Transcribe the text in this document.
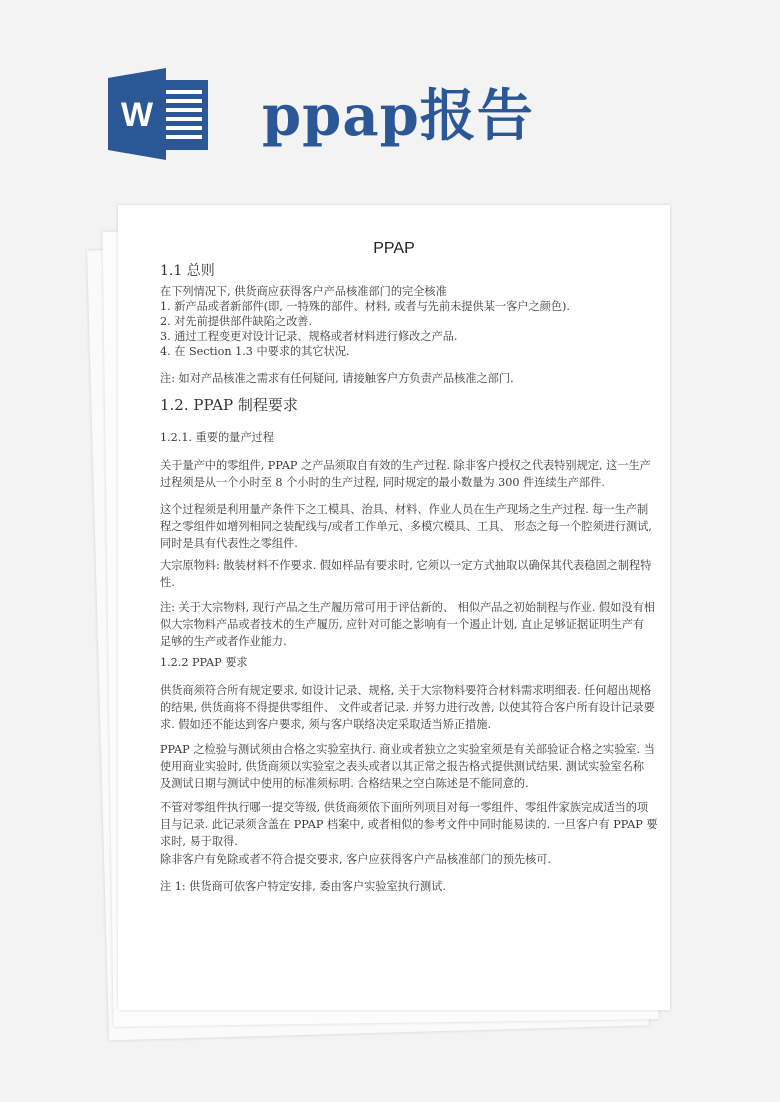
W ppap报告
PPAP
1.1 总则
在下列情况下, 供货商应获得客户产品核准部门的完全核准
1. 新产品或者新部件(即, 一特殊的部件、材料, 或者与先前未提供某一客户之颜色).
2. 对先前提供部件缺陷之改善.
3. 通过工程变更对设计记录、规格或者材料进行修改之产品.
4. 在 Section 1.3 中要求的其它状况.
注: 如对产品核准之需求有任何疑问, 请接触客户方负责产品核准之部门.
1.2. PPAP 制程要求
1.2.1. 重要的量产过程
关于量产中的零组件, PPAP 之产品须取自有效的生产过程. 除非客户授权之代表特别规定, 这一生产
过程须是从一个小时至 8 个小时的生产过程, 同时规定的最小数量为 300 件连续生产部件.
这个过程须是利用量产条件下之工模具、治具、材料、作业人员在生产现场之生产过程. 每一生产制
程之零组件如增列相同之装配线与/或者工作单元、多模穴模具、工具、 形态之每一个腔须进行测试,
同时是具有代表性之零组件.
大宗原物料: 散装材料不作要求. 假如样品有要求时, 它须以一定方式抽取以确保其代表稳固之制程特
性.
注: 关于大宗物料, 现行产品之生产履历常可用于评估新的、 相似产品之初始制程与作业. 假如没有相
似大宗物料产品或者技术的生产履历, 应针对可能之影响有一个遏止计划, 直止足够证据证明生产有
足够的生产或者作业能力.
1.2.2 PPAP 要求
供货商须符合所有规定要求, 如设计记录、规格, 关于大宗物料要符合材料需求明细表. 任何超出规格
的结果, 供货商将不得提供零组件、 文件或者记录. 并努力进行改善, 以使其符合客户所有设计记录要
求. 假如还不能达到客户要求, 须与客户联络决定采取适当矫正措施.
PPAP 之检验与测试须由合格之实验室执行. 商业或者独立之实验室须是有关部验证合格之实验室. 当
使用商业实验时, 供货商须以实验室之表头或者以其正常之报告格式提供测试结果. 测试实验室名称
及测试日期与测试中使用的标准须标明. 合格结果之空白陈述是不能同意的.
不管对零组件执行哪一提交等级, 供货商须依下面所列项目对每一零组件、零组件家族完成适当的项
目与记录. 此记录须含盖在 PPAP 档案中, 或者相似的参考文件中同时能易读的. 一旦客户有 PPAP 要
求时, 易于取得.
除非客户有免除或者不符合提交要求, 客户应获得客户产品核准部门的预先核可.
注 1: 供货商可依客户特定安排, 委由客户实验室执行测试.
